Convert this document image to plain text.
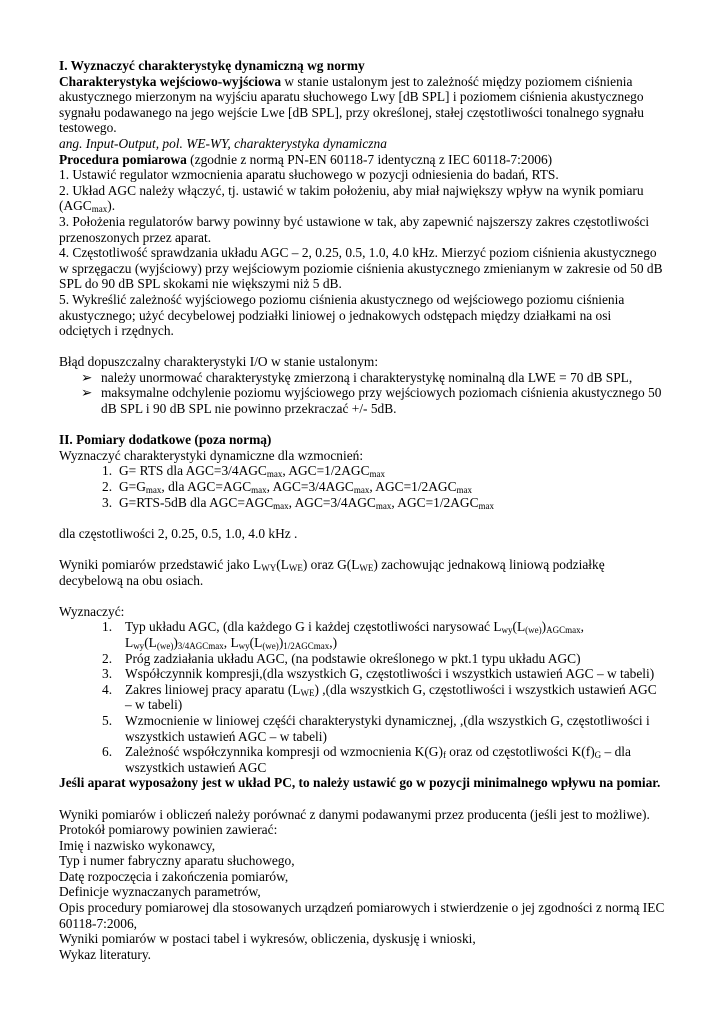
I. Wyznaczyć charakterystykę dynamiczną wg normy

Charakterystyka wejściowo-wyjściowa w stanie ustalonym jest to zależność między poziomem ciśnienia akustycznego mierzonym na wyjściu aparatu słuchowego Lwy [dB SPL] i poziomem ciśnienia akustycznego sygnału podawanego na jego wejście Lwe [dB SPL], przy określonej, stałej częstotliwości tonalnego sygnału testowego.

ang. Input-Output, pol. WE-WY, charakterystyka dynamiczna

Procedura pomiarowa (zgodnie z normą PN-EN 60118-7 identyczną z IEC 60118-7:2006)

1. Ustawić regulator wzmocnienia aparatu słuchowego w pozycji odniesienia do badań, RTS.

2. Układ AGC należy włączyć, tj. ustawić w takim położeniu, aby miał największy wpływ na wynik pomiaru $(AGC_{max})$.

3. Położenia regulatorów barwy powinny być ustawione w tak, aby zapewnić najszerszy zakres częstotliwości przenoszonych przez aparat.

4. Częstotliwość sprawdzania układu AGC – 2, 0.25, 0.5, 1.0, 4.0 kHz. Mierzyć poziom ciśnienia akustycznego w sprzęgaczu (wyjściowy) przy wejściowym poziomie ciśnienia akustycznego zmienianym w zakresie od 50 dB SPL do 90 dB SPL skokami nie większymi niż 5 dB.

5. Wykreślić zależność wyjściowego poziomu ciśnienia akustycznego od wejściowego poziomu ciśnienia akustycznego; użyć decybelowej podziałki liniowej o jednakowych odstępach między działkami na osi odciętych i rzędnych.

Błąd dopuszczalny charakterystyki I/O w stanie ustalonym:

➢ należy unormować charakterystykę zmierzoną i charakterystykę nominalną dla LWE = 70 dB SPL,
➢ maksymalne odchylenie poziomu wyjściowego przy wejściowych poziomach ciśnienia akustycznego 50 dB SPL i 90 dB SPL nie powinno przekraczać +/- 5dB.

II. Pomiary dodatkowe (poza normą)

Wyznaczyć charakterystyki dynamiczne dla wzmocnień:

1. G= RTS dla $AGC=3/4AGC_{max}$, $AGC=1/2AGC_{max}$
2. $G=G_{max}$, dla $AGC=AGC_{max}$, $AGC=3/4AGC_{max}$, $AGC=1/2AGC_{max}$
3. G=RTS-5dB dla $AGC=AGC_{max}$, $AGC=3/4AGC_{max}$, $AGC=1/2AGC_{max}$

dla częstotliwości 2, 0.25, 0.5, 1.0, 4.0 kHz .

Wyniki pomiarów przedstawić jako $L_{WY}(L_{WE})$ oraz $G(L_{WE})$ zachowując jednakową liniową podziałkę decybelową na obu osiach.

Wyznaczyć:

1. Typ układu AGC, (dla każdego G i każdej częstotliwości narysować $L_{wy}(L_{(we)})_{AGCmax}$, $L_{wy}(L_{(we)})_{3/4AGCmax}$, $L_{wy}(L_{(we)})_{1/2AGCmax}$,)
2. Próg zadziałania układu AGC, (na podstawie określonego w pkt.1 typu układu AGC)
3. Współczynnik kompresji,(dla wszystkich G, częstotliwości i wszystkich ustawień AGC – w tabeli)
4. Zakres liniowej pracy aparatu $(L_{WE})$ ,(dla wszystkich G, częstotliwości i wszystkich ustawień AGC – w tabeli)
5. Wzmocnienie w liniowej częśći charakterystyki dynamicznej, ,(dla wszystkich G, częstotliwości i wszystkich ustawień AGC – w tabeli)
6. Zależność współczynnika kompresji od wzmocnienia $K(G)_f$ oraz od częstotliwości $K(f)_G$ – dla wszystkich ustawień AGC

Jeśli aparat wyposażony jest w układ PC, to należy ustawić go w pozycji minimalnego wpływu na pomiar.

Wyniki pomiarów i obliczeń należy porównać z danymi podawanymi przez producenta (jeśli jest to możliwe).

Protokół pomiarowy powinien zawierać:

Imię i nazwisko wykonawcy,

Typ i numer fabryczny aparatu słuchowego,

Datę rozpoczęcia i zakończenia pomiarów,

Definicje wyznaczanych parametrów,

Opis procedury pomiarowej dla stosowanych urządzeń pomiarowych i stwierdzenie o jej zgodności z normą IEC 60118-7:2006,

Wyniki pomiarów w postaci tabel i wykresów, obliczenia, dyskusję i wnioski,

Wykaz literatury.
